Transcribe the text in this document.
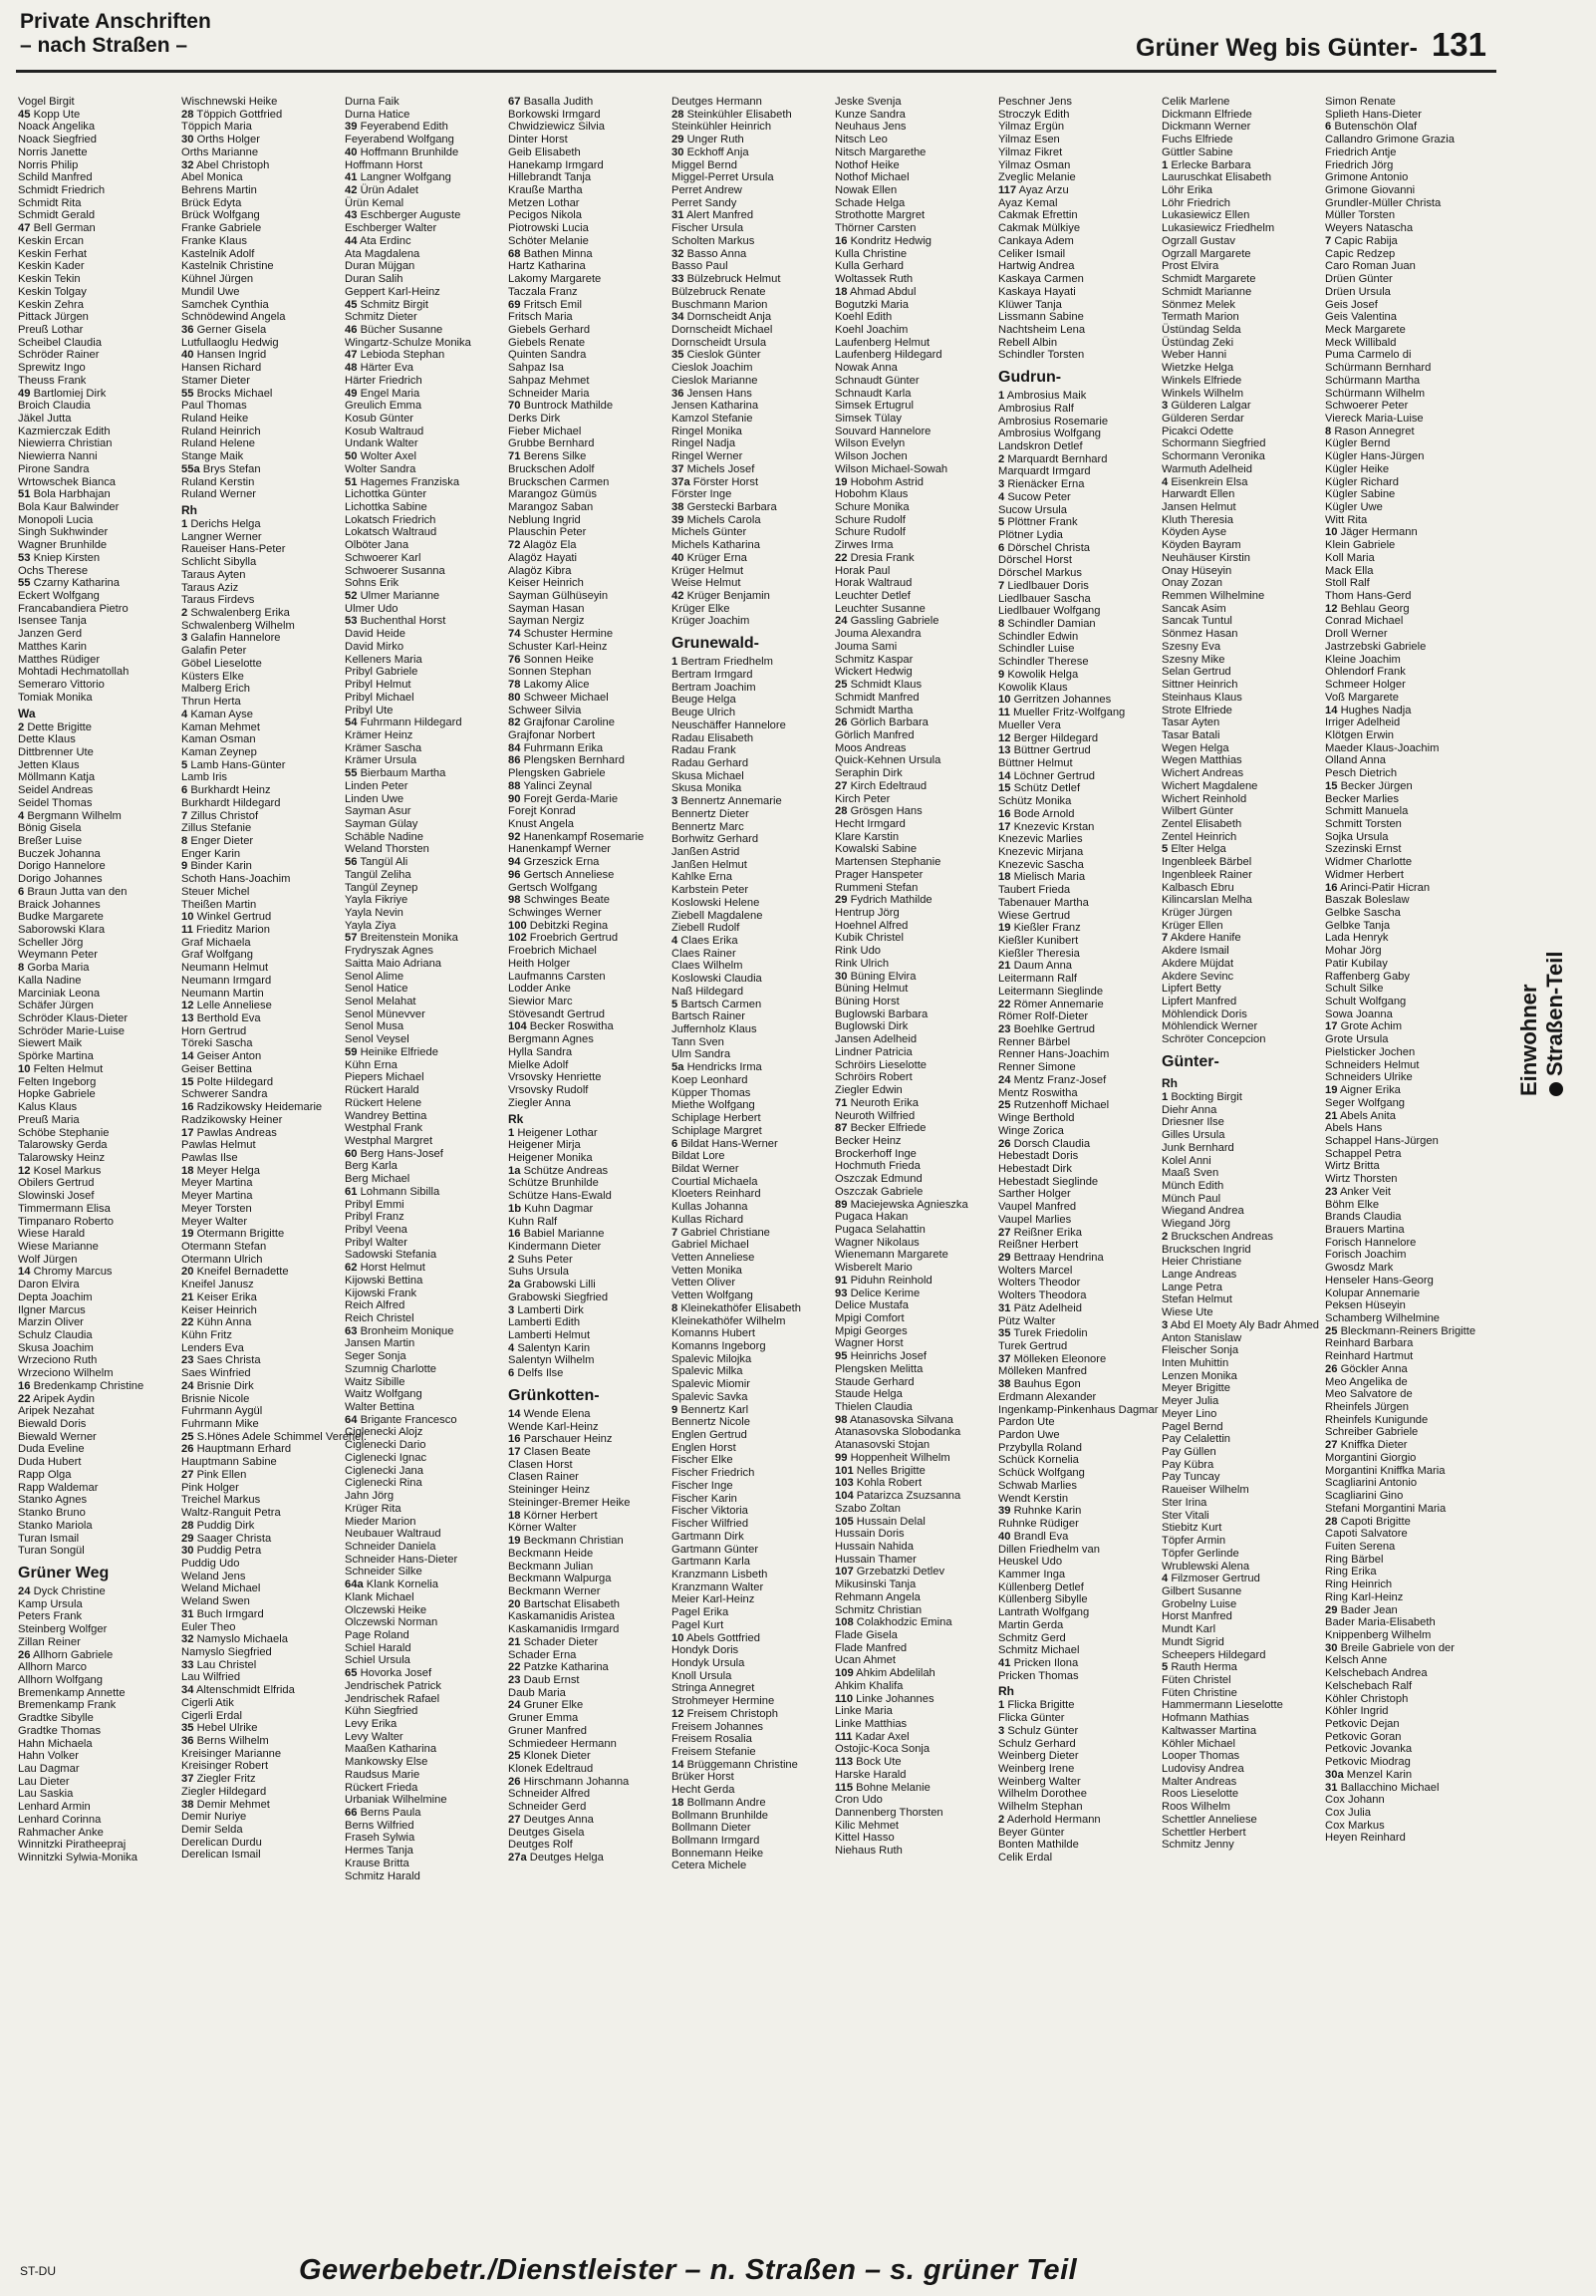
Private Anschriften
– nach Straßen –	Grüner Weg bis Günter- 131
Vogel Birgit
45 Kopp Ute
Noack Angelika
Noack Siegfried
Norris Janette
Norris Philip
Schild Manfred
Schmidt Friedrich
Schmidt Rita
Schmidt Gerald
47 Bell German
Keskin Ercan
Keskin Ferhat
Keskin Kader
Keskin Tekin
Keskin Tolgay
Keskin Zehra
Pittack Jürgen
Preuß Lothar
Scheibel Claudia
Schröder Rainer
Sprewitz Ingo
Theuss Frank
49 Bartlomiej Dirk
Broich Claudia
Jäkel Jutta
Kazmierczak Edith
Niewierra Christian
Niewierra Nanni
Pirone Sandra
Wrtowschek Bianca
51 Bola Harbhajan
Bola Kaur Balwinder
Monopoli Lucia
Singh Sukhwinder
Wagner Brunhilde
53 Kniep Kirsten
Ochs Therese
55 Czarny Katharina
Eckert Wolfgang
Francabandiera Pietro
Isensee Tanja
Janzen Gerd
Matthes Karin
Matthes Rüdiger
Mohtadi Hechmatollah
Semeraro Vittorio
Tomiak Monika
Wa
2 Dette Brigitte
Dette Klaus
Dittbrenner Ute
Jetten Klaus
Möllmann Katja
Seidel Andreas
Seidel Thomas
4 Bergmann Wilhelm
Bönig Gisela
Breßer Luise
Buczek Johanna
Dorigo Hannelore
Dorigo Johannes
6 Braun Jutta van den
Braick Johannes
Budke Margarete
Saborowski Klara
Scheller Jörg
Weymann Peter
8 Gorba Maria
Kalla Nadine
Marciniak Leona
Schäfer Jürgen
Schröder Klaus-Dieter
Schröder Marie-Luise
Siewert Maik
Spörke Martina
10 Felten Helmut
Felten Ingeborg
Hopke Gabriele
Kalus Klaus
Preuß Maria
Schöbe Stephanie
Talarowsky Gerda
Talarowsky Heinz
12 Kosel Markus
Obilers Gertrud
Slowinski Josef
Timmermann Elisa
Timpanaro Roberto
Wiese Harald
Wiese Marianne
Wolf Jürgen
14 Chromy Marcus
Daron Elvira
Depta Joachim
Ilgner Marcus
Marzin Oliver
Schulz Claudia
Skusa Joachim
Wrzeciono Ruth
Wrzeciono Wilhelm
16 Bredenkamp Christine
22 Aripek Aydin
Aripek Nezahat
Biewald Doris
Biewald Werner
Duda Eveline
Duda Hubert
Rapp Olga
Rapp Waldemar
Stanko Agnes
Stanko Bruno
Stanko Mariola
Turan Ismail
Turan Songül
Grüner Weg
24 Dyck Christine
Kamp Ursula
Peters Frank
Steinberg Wolfger
Zillan Reiner
26 Allhorn Gabriele
Allhorn Marco
Allhorn Wolfgang
Bremenkamp Annette
Bremenkamp Frank
Gradtke Sibylle
Gradtke Thomas
Hahn Michaela
Hahn Volker
Lau Dagmar
Lau Dieter
Lau Saskia
Lenhard Armin
Lenhard Corinna
Rahmacher Anke
Winnitzki Piratheepraj
Winnitzki Sylwia-Monika
Wischnewski Heike
28 Töppich Gottfried
Töppich Maria
30 Orths Holger
Orths Marianne
32 Abel Christoph
Abel Monica
Behrens Martin
Brück Edyta
Brück Wolfgang
Franke Gabriele
Franke Klaus
Kastelnik Adolf
Kastelnik Christine
Kühnel Jürgen
Mundil Uwe
Samchek Cynthia
Schnödewind Angela
36 Gerner Gisela
Lutfullaoglu Hedwig
40 Hansen Ingrid
Hansen Richard
Stamer Dieter
55 Brocks Michael
Paul Thomas
Ruland Heike
Ruland Heinrich
Ruland Helene
Stange Maik
55a Brys Stefan
Ruland Kerstin
Ruland Werner
Rh
1 Derichs Helga
Langner Werner
Raueiser Hans-Peter
Schlicht Sibylla
Taraus Ayten
Taraus Aziz
Taraus Firdevs
2 Schwalenberg Erika
Schwalenberg Wilhelm
3 Galafin Hannelore
Galafin Peter
Göbel Lieselotte
Küsters Elke
Malberg Erich
Thrun Herta
4 Kaman Ayse
Kaman Mehmet
Kaman Osman
Kaman Zeynep
5 Lamb Hans-Günter
Lamb Iris
6 Burkhardt Heinz
Burkhardt Hildegard
7 Zillus Christof
Zillus Stefanie
8 Enger Dieter
Enger Karin
9 Binder Karin
Schoth Hans-Joachim
Steuer Michel
Theißen Martin
10 Winkel Gertrud
11 Frieditz Marion
Graf Michaela
Graf Wolfgang
Neumann Helmut
Neumann Irmgard
Neumann Martin
12 Lelle Anneliese
13 Berthold Eva
Horn Gertrud
Töreki Sascha
14 Geiser Anton
Geiser Bettina
15 Polte Hildegard
Schwerer Sandra
16 Radzikowsky Heidemarie
Radzikowsky Heiner
17 Pawlas Andreas
Pawlas Helmut
Pawlas Ilse
18 Meyer Helga
Meyer Martina
Meyer Martina
Meyer Torsten
Meyer Walter
19 Otermann Brigitte
Otermann Stefan
Otermann Ulrich
20 Kneifel Bernadette
Kneifel Janusz
21 Keiser Erika
Keiser Heinrich
22 Kühn Anna
Kühn Fritz
Lenders Eva
23 Saes Christa
Saes Winfried
24 Brisnie Dirk
Brisnie Nicole
Fuhrmann Aygül
Fuhrmann Mike
25 S.Hönes Adele Schimmel Verehel.
26 Hauptmann Erhard
Hauptmann Sabine
27 Pink Ellen
Pink Holger
Treichel Markus
Waltz-Ranguit Petra
28 Puddig Dirk
29 Saager Christa
30 Puddig Petra
Puddig Udo
Weland Jens
Weland Michael
Weland Swen
31 Buch Irmgard
Euler Theo
32 Namyslo Michaela
Namyslo Siegfried
33 Lau Christel
Lau Wilfried
34 Altenschmidt Elfrida
Cigerli Atik
Cigerli Erdal
35 Hebel Ulrike
36 Berns Wilhelm
Kreisinger Marianne
Kreisinger Robert
37 Ziegler Fritz
Ziegler Hildegard
38 Demir Mehmet
Demir Nuriye
Demir Selda
Derelican Durdu
Derelican Ismail
Durna Faik
Durna Hatice
39 Feyerabend Edith
Feyerabend Wolfgang
40 Hoffmann Brunhilde
Hoffmann Horst
41 Langner Wolfgang
42 Ürün Adalet
Ürün Kemal
43 Eschberger Auguste
Eschberger Walter
44 Ata Erdinc
Ata Magdalena
Duran Müjgan
Duran Salih
Geppert Karl-Heinz
45 Schmitz Birgit
Schmitz Dieter
46 Bücher Susanne
Wingartz-Schulze Monika
47 Lebioda Stephan
48 Härter Eva
Härter Friedrich
49 Engel Maria
Greulich Emma
Kosub Günter
Kosub Waltraud
Undank Walter
50 Wolter Axel
Wolter Sandra
51 Hagemes Franziska
Lichottka Günter
Lichottka Sabine
Lokatsch Friedrich
Lokatsch Waltraud
Olböter Jana
Schwoerer Karl
Schwoerer Susanna
Sohns Erik
52 Ulmer Marianne
Ulmer Udo
53 Buchenthal Horst
David Heide
David Mirko
Kelleners Maria
Pribyl Gabriele
Pribyl Helmut
Pribyl Michael
Pribyl Ute
54 Fuhrmann Hildegard
Krämer Heinz
Krämer Sascha
Krämer Ursula
55 Bierbaum Martha
Linden Peter
Linden Uwe
Sayman Asur
Sayman Gülay
Schäble Nadine
Weland Thorsten
56 Tangül Ali
Tangül Zeliha
Tangül Zeynep
Yayla Fikriye
Yayla Nevin
Yayla Ziya
57 Breitenstein Monika
Frydryszak Agnes
Saitta Maio Adriana
Senol Alime
Senol Hatice
Senol Melahat
Senol Münevver
Senol Musa
Senol Veysel
59 Heinike Elfriede
Kühn Erna
Piepers Michael
Rückert Harald
Rückert Helene
Wandrey Bettina
Westphal Frank
Westphal Margret
60 Berg Hans-Josef
Berg Karla
Berg Michael
61 Lohmann Sibilla
Pribyl Emmi
Pribyl Franz
Pribyl Veena
Pribyl Walter
Sadowski Stefania
62 Horst Helmut
Kijowski Bettina
Kijowski Frank
Reich Alfred
Reich Christel
63 Bronheim Monique
Jansen Martin
Seger Sonja
Szumnig Charlotte
Waitz Sibille
Waitz Wolfgang
Walter Bettina
64 Brigante Francesco
Ciglenecki Alojz
Ciglenecki Dario
Ciglenecki Ignac
Ciglenecki Jana
Ciglenecki Rina
Jahn Jörg
Krüger Rita
Mieder Marion
Neubauer Waltraud
Schneider Daniela
Schneider Hans-Dieter
Schneider Silke
64a Klank Kornelia
Klank Michael
Olczewski Heike
Olczewski Norman
Page Roland
Schiel Harald
Schiel Ursula
65 Hovorka Josef
Jendrischek Patrick
Jendrischek Rafael
Kühn Siegfried
Levy Erika
Levy Walter
Maaßen Katharina
Mankowsky Else
Raudsus Marie
Rückert Frieda
Urbaniak Wilhelmine
66 Berns Paula
Berns Wilfried
Fraseh Sylwia
Hermes Tanja
Krause Britta
Schmitz Harald
67 Basalla Judith
Borkowski Irmgard
Chwidziewicz Silvia
Dinter Horst
Geib Elisabeth
Hanekamp Irmgard
Hillebrandt Tanja
Krauße Martha
Metzen Lothar
Pecigos Nikola
Piotrowski Lucia
Schöter Melanie
68 Bathen Minna
Hartz Katharina
Lakomy Margarete
Taczala Franz
69 Fritsch Emil
Fritsch Maria
Giebels Gerhard
Giebels Renate
Quinten Sandra
Sahpaz Isa
Sahpaz Mehmet
Schneider Maria
70 Buntrock Mathilde
Derks Dirk
Fieber Michael
Grubbe Bernhard
71 Berens Silke
Bruckschen Adolf
Bruckschen Carmen
Marangoz Gümüs
Marangoz Saban
Neblung Ingrid
Plauschin Peter
72 Alagöz Ela
Alagöz Hayati
Alagöz Kibra
Keiser Heinrich
Sayman Gülhüseyin
Sayman Hasan
Sayman Nergiz
74 Schuster Hermine
Schuster Karl-Heinz
76 Sonnen Heike
Sonnen Stephan
78 Lakomy Alice
80 Schweer Michael
Schweer Silvia
82 Grajfonar Caroline
Grajfonar Norbert
84 Fuhrmann Erika
86 Plengsken Bernhard
Plengsken Gabriele
88 Yalinci Zeynal
90 Forejt Gerda-Marie
Forejt Konrad
Knust Angela
92 Hanenkampf Rosemarie
Hanenkampf Werner
94 Grzeszick Erna
96 Gertsch Anneliese
Gertsch Wolfgang
98 Schwinges Beate
Schwinges Werner
100 Debitzki Regina
102 Froebrich Gertrud
Froebrich Michael
Heith Holger
Laufmanns Carsten
Lodder Anke
Siewior Marc
Stövesandt Gertrud
104 Becker Roswitha
Bergmann Agnes
Hylla Sandra
Mielke Adolf
Vrsovsky Henriette
Vrsovsky Rudolf
Ziegler Anna
Rk
1 Heigener Lothar
Heigener Mirja
Heigener Monika
1a Schütze Andreas
Schütze Brunhilde
Schütze Hans-Ewald
1b Kuhn Dagmar
Kuhn Ralf
16 Babiel Marianne
Kindermann Dieter
2 Suhs Peter
Suhs Ursula
2a Grabowski Lilli
Grabowski Siegfried
3 Lamberti Dirk
Lamberti Edith
Lamberti Helmut
4 Salentyn Karin
Salentyn Wilhelm
6 Delfs Ilse
Grünkotten-
14 Wende Elena
Wende Karl-Heinz
16 Parschauer Heinz
17 Clasen Beate
Clasen Horst
Clasen Rainer
Steininger Heinz
Steininger-Bremer Heike
18 Körner Herbert
Körner Walter
19 Beckmann Christian
Beckmann Heide
Beckmann Julian
Beckmann Walpurga
Beckmann Werner
20 Bartschat Elisabeth
Kaskamanidis Aristea
Kaskamanidis Irmgard
21 Schader Dieter
Schader Erna
22 Patzke Katharina
23 Daub Ernst
Daub Maria
24 Gruner Elke
Gruner Emma
Gruner Manfred
Schmiedeer Hermann
25 Klonek Dieter
Klonek Edeltraud
26 Hirschmann Johanna
Schneider Alfred
Schneider Gerd
27 Deutges Anna
Deutges Gisela
Deutges Rolf
27a Deutges Helga
Deutges Hermann
28 Steinkühler Elisabeth
Steinkühler Heinrich
29 Unger Ruth
30 Eckhoff Anja
Miggel Bernd
Miggel-Perret Ursula
Perret Andrew
Perret Sandy
31 Alert Manfred
Fischer Ursula
Scholten Markus
32 Basso Anna
Basso Paul
33 Bülzebruck Helmut
Bülzebruck Renate
Buschmann Marion
34 Dornscheidt Anja
Dornscheidt Michael
Dornscheidt Ursula
35 Cieslok Günter
Cieslok Joachim
Cieslok Marianne
36 Jensen Hans
Jensen Katharina
Kamzol Stefanie
Ringel Monika
Ringel Nadja
Ringel Werner
37 Michels Josef
37a Förster Horst
Förster Inge
38 Gerstecki Barbara
39 Michels Carola
Michels Günter
Michels Katharina
40 Krüger Erna
Krüger Helmut
Weise Helmut
42 Krüger Benjamin
Krüger Elke
Krüger Joachim
Grunewald-
1 Bertram Friedhelm
Bertram Irmgard
Bertram Joachim
Beuge Helga
Beuge Ulrich
Neuschäffer Hannelore
Radau Elisabeth
Radau Frank
Radau Gerhard
Skusa Michael
Skusa Monika
3 Bennertz Annemarie
Bennertz Dieter
Bennertz Marc
Borhwitz Gerhard
Janßen Astrid
Janßen Helmut
Kahlke Erna
Karbstein Peter
Koslowski Helene
Ziebell Magdalene
Ziebell Rudolf
4 Claes Erika
Claes Rainer
Claes Wilhelm
Koslowski Claudia
Naß Hildegard
5 Bartsch Carmen
Bartsch Rainer
Juffernholz Klaus
Tann Sven
Ulm Sandra
5a Hendricks Irma
Koep Leonhard
Küpper Thomas
Miethe Wolfgang
Schiplage Herbert
Schiplage Margret
6 Bildat Hans-Werner
Bildat Lore
Bildat Werner
Courtial Michaela
Kloeters Reinhard
Kullas Johanna
Kullas Richard
7 Gabriel Christiane
Gabriel Michael
Vetten Anneliese
Vetten Monika
Vetten Oliver
Vetten Wolfgang
8 Kleinekathöfer Elisabeth
Kleinekathöfer Wilhelm
Komanns Hubert
Komanns Ingeborg
Spalevic Milojka
Spalevic Milka
Spalevic Miomir
Spalevic Savka
9 Bennertz Karl
Bennertz Nicole
Englen Gertrud
Englen Horst
Fischer Elke
Fischer Friedrich
Fischer Inge
Fischer Karin
Fischer Viktoria
Fischer Wilfried
Gartmann Dirk
Gartmann Günter
Gartmann Karla
Kranzmann Lisbeth
Kranzmann Walter
Meier Karl-Heinz
Pagel Erika
Pagel Kurt
10 Abels Gottfried
Hondyk Doris
Hondyk Ursula
Knoll Ursula
Stringa Annegret
Strohmeyer Hermine
12 Freisem Christoph
Freisem Johannes
Freisem Rosalia
Freisem Stefanie
14 Brüggemann Christine
Brüker Horst
Hecht Gerda
18 Bollmann Andre
Bollmann Brunhilde
Bollmann Dieter
Bollmann Irmgard
Bonnemann Heike
Cetera Michele
Jeske Svenja
Kunze Sandra
Neuhaus Jens
Nitsch Leo
Nitsch Margarethe
Nothof Heike
Nothof Michael
Nowak Ellen
Schade Helga
Strothotte Margret
Thörner Carsten
16 Kondritz Hedwig
Kulla Christine
Kulla Gerhard
Woltassek Ruth
18 Ahmad Abdul
Bogutzki Maria
Koehl Edith
Koehl Joachim
Laufenberg Helmut
Laufenberg Hildegard
Nowak Anna
Schnaudt Günter
Schnaudt Karla
Simsek Ertugrul
Simsek Tülay
Souvard Hannelore
Wilson Evelyn
Wilson Jochen
Wilson Michael-Sowah
19 Hobohm Astrid
Hobohm Klaus
Schure Monika
Schure Rudolf
Schure Rudolf
Zirwes Irma
22 Dresia Frank
Horak Paul
Horak Waltraud
Leuchter Detlef
Leuchter Susanne
24 Gassling Gabriele
Jouma Alexandra
Jouma Sami
Schmitz Kaspar
Wickert Hedwig
25 Schmidt Klaus
Schmidt Manfred
Schmidt Martha
26 Görlich Barbara
Görlich Manfred
Moos Andreas
Quick-Kehnen Ursula
Seraphin Dirk
27 Kirch Edeltraud
Kirch Peter
28 Grösgen Hans
Hecht Irmgard
Klare Karstin
Kowalski Sabine
Martensen Stephanie
Prager Hanspeter
Rummeni Stefan
29 Fydrich Mathilde
Hentrup Jörg
Hoehnel Alfred
Kubik Christel
Rink Udo
Rink Ulrich
30 Büning Elvira
Büning Helmut
Büning Horst
Buglowski Barbara
Buglowski Dirk
Jansen Adelheid
Lindner Patricia
Schröirs Lieselotte
Schröirs Robert
Ziegler Edwin
71 Neuroth Erika
Neuroth Wilfried
87 Becker Elfriede
Becker Heinz
Brockerhoff Inge
Hochmuth Frieda
Oszczak Edmund
Oszczak Gabriele
89 Maciejewska Agnieszka
Pugaca Hakan
Pugaca Selahattin
Wagner Nikolaus
Wienemann Margarete
Wisberelt Mario
91 Piduhn Reinhold
93 Delice Kerime
Delice Mustafa
Mpigi Comfort
Mpigi Georges
Wagner Horst
95 Heinrichs Josef
Plengsken Melitta
Staude Gerhard
Staude Helga
Thielen Claudia
98 Atanasovska Silvana
Atanasovska Slobodanka
Atanasovski Stojan
99 Hoppenheit Wilhelm
101 Nelles Brigitte
103 Kohla Robert
104 Patarizca Zsuzsanna
Szabo Zoltan
105 Hussain Delal
Hussain Doris
Hussain Nahida
Hussain Thamer
107 Grzebatzki Detlev
Mikusinski Tanja
Rehmann Angela
Schmitz Christian
108 Colakhodzic Emina
Flade Gisela
Flade Manfred
Ucan Ahmet
109 Ahkim Abdelilah
Ahkim Khalifa
110 Linke Johannes
Linke Maria
Linke Matthias
111 Kadar Axel
Ostojic-Koca Sonja
113 Bock Ute
Harske Harald
115 Bohne Melanie
Cron Udo
Dannenberg Thorsten
Kilic Mehmet
Kittel Hasso
Niehaus Ruth
Peschner Jens
Stroczyk Edith
Yilmaz Ergün
Yilmaz Esen
Yilmaz Fikret
Yilmaz Osman
Zveglic Melanie
117 Ayaz Arzu
Ayaz Kemal
Cakmak Efrettin
Cakmak Mülkiye
Cankaya Adem
Celiker Ismail
Hartwig Andrea
Kaskaya Carmen
Kaskaya Hayati
Klüwer Tanja
Lissmann Sabine
Nachtsheim Lena
Rebell Albin
Schindler Torsten
Gudrun-
1 Ambrosius Maik
Ambrosius Ralf
Ambrosius Rosemarie
Ambrosius Wolfgang
Landskron Detlef
2 Marquardt Bernhard
Marquardt Irmgard
3 Rienäcker Erna
4 Sucow Peter
Sucow Ursula
5 Plöttner Frank
Plötner Lydia
6 Dörschel Christa
Dörschel Horst
Dörschel Markus
7 Liedlbauer Doris
Liedlbauer Sascha
Liedlbauer Wolfgang
8 Schindler Damian
Schindler Edwin
Schindler Luise
Schindler Therese
9 Kowolik Helga
Kowolik Klaus
10 Gerritzen Johannes
11 Mueller Fritz-Wolfgang
Mueller Vera
12 Berger Hildegard
13 Büttner Gertrud
Büttner Helmut
14 Löchner Gertrud
15 Schütz Detlef
Schütz Monika
16 Bode Arnold
17 Knezevic Krstan
Knezevic Marlies
Knezevic Mirjana
Knezevic Sascha
18 Mielisch Maria
Taubert Frieda
Tabenauer Martha
Wiese Gertrud
19 Kießler Franz
Kießler Kunibert
Kießler Theresia
21 Daum Anna
Leitermann Ralf
Leitermann Sieglinde
22 Römer Annemarie
Römer Rolf-Dieter
23 Boehlke Gertrud
Renner Bärbel
Renner Hans-Joachim
Renner Simone
24 Mentz Franz-Josef
Mentz Roswitha
25 Rutzenhoff Michael
Winge Berthold
Winge Zorica
26 Dorsch Claudia
Hebestadt Doris
Hebestadt Dirk
Hebestadt Sieglinde
Sarther Holger
Vaupel Manfred
Vaupel Marlies
27 Reißner Erika
Reißner Herbert
29 Bettraay Hendrina
Wolters Marcel
Wolters Theodor
Wolters Theodora
31 Pätz Adelheid
Pütz Walter
35 Turek Friedolin
Turek Gertrud
37 Mölleken Eleonore
Mölleken Manfred
38 Bauhus Egon
Erdmann Alexander
Ingenkamp-Pinkenhaus Dagmar
Pardon Ute
Pardon Uwe
Przybylla Roland
Schück Kornelia
Schück Wolfgang
Schwab Marlies
Wendt Kerstin
39 Ruhnke Karin
Ruhnke Rüdiger
40 Brandl Eva
Dillen Friedhelm van
Heuskel Udo
Kammer Inga
Küllenberg Detlef
Küllenberg Sibylle
Lantrath Wolfgang
Martin Gerda
Schmitz Gerd
Schmitz Michael
41 Pricken Ilona
Pricken Thomas
Rh
1 Flicka Brigitte
Flicka Günter
3 Schulz Günter
Schulz Gerhard
Weinberg Dieter
Weinberg Irene
Weinberg Walter
Wilhelm Dorothee
Wilhelm Stephan
2 Aderhold Hermann
Beyer Günter
Bonten Mathilde
Celik Erdal
Celik Marlene
Dickmann Elfriede
Dickmann Werner
Fuchs Elfriede
Güttler Sabine
1 Erlecke Barbara
Lauruschkat Elisabeth
Löhr Erika
Löhr Friedrich
Lukasiewicz Ellen
Lukasiewicz Friedhelm
Ogrzall Gustav
Ogrzall Margarete
Prost Elvira
Schmidt Margarete
Schmidt Marianne
Sönmez Melek
Termath Marion
Üstündag Selda
Üstündag Zeki
Weber Hanni
Wietzke Helga
Winkels Elfriede
Winkels Wilhelm
3 Gülderen Lalgar
Gülderen Serdar
Picakci Odette
Schormann Siegfried
Schormann Veronika
Warmuth Adelheid
4 Eisenkrein Elsa
Harwardt Ellen
Jansen Helmut
Kluth Theresia
Köyden Ayse
Köyden Bayram
Neuhäuser Kirstin
Onay Hüseyin
Onay Zozan
Remmen Wilhelmine
Sancak Asim
Sancak Tuntul
Sönmez Hasan
Szesny Eva
Szesny Mike
Selan Gertrud
Sittner Heinrich
Steinhaus Klaus
Strote Elfriede
Tasar Ayten
Tasar Batali
Wegen Helga
Wegen Matthias
Wichert Andreas
Wichert Magdalene
Wichert Reinhold
Wilbert Günter
Zentel Elisabeth
Zentel Heinrich
5 Elter Helga
Ingenbleek Bärbel
Ingenbleek Rainer
Kalbasch Ebru
Kilincarslan Melha
Krüger Jürgen
Krüger Ellen
7 Akdere Hanife
Akdere Ismail
Akdere Müjdat
Akdere Sevinc
Lipfert Betty
Lipfert Manfred
Möhlendick Doris
Möhlendick Werner
Schröter Concepcion
Günter-
Rh
1 Bockting Birgit
Diehr Anna
Driesner Ilse
Gilles Ursula
Junk Bernhard
Kolel Anni
Maaß Sven
Münch Edith
Münch Paul
Wiegand Andrea
Wiegand Jörg
2 Bruckschen Andreas
Bruckschen Ingrid
Heier Christiane
Lange Andreas
Lange Petra
Stefan Helmut
Wiese Ute
3 Abd El Moety Aly Badr Ahmed
Anton Stanislaw
Fleischer Sonja
Inten Muhittin
Lenzen Monika
Meyer Brigitte
Meyer Julia
Meyer Lino
Pagel Bernd
Pay Celalettin
Pay Güllen
Pay Kübra
Pay Tuncay
Raueiser Wilhelm
Ster Irina
Ster Vitali
Stiebitz Kurt
Töpfer Armin
Töpfer Gerlinde
Wrublewski Alena
4 Filzmoser Gertrud
Gilbert Susanne
Grobelny Luise
Horst Manfred
Mundt Karl
Mundt Sigrid
Scheepers Hildegard
5 Rauth Herma
Füten Christel
Füten Christine
Hammermann Lieselotte
Hofmann Mathias
Kaltwasser Martina
Köhler Michael
Looper Thomas
Ludovisy Andrea
Malter Andreas
Roos Lieselotte
Roos Wilhelm
Schettler Anneliese
Schettler Herbert
Schmitz Jenny
Simon Renate
Splieth Hans-Dieter
6 Butenschön Olaf
Callandro Grimone Grazia
Friedrich Antje
Friedrich Jörg
Grimone Antonio
Grimone Giovanni
Grundler-Müller Christa
Müller Torsten
Weyers Natascha
7 Capic Rabija
Capic Redzep
Caro Roman Juan
Drüen Günter
Drüen Ursula
Geis Josef
Geis Valentina
Meck Margarete
Meck Willibald
Puma Carmelo di
Schürmann Bernhard
Schürmann Martha
Schürmann Wilhelm
Schwoerer Peter
Viereck Maria-Luise
8 Rason Annegret
Kügler Bernd
Kügler Hans-Jürgen
Kügler Heike
Kügler Richard
Kügler Sabine
Kügler Uwe
Witt Rita
10 Jäger Hermann
Klein Gabriele
Koll Maria
Mack Ella
Stoll Ralf
Thom Hans-Gerd
12 Behlau Georg
Conrad Michael
Droll Werner
Jastrzebski Gabriele
Kleine Joachim
Ohlendorf Frank
Schmeer Holger
Voß Margarete
14 Hughes Nadja
Irriger Adelheid
Klötgen Erwin
Maeder Klaus-Joachim
Olland Anna
Pesch Dietrich
15 Becker Jürgen
Becker Marlies
Schmitt Manuela
Schmitt Torsten
Sojka Ursula
Szezinski Ernst
Widmer Charlotte
Widmer Herbert
16 Arinci-Patir Hicran
Baszak Boleslaw
Gelbke Sascha
Gelbke Tanja
Lada Henryk
Mohar Jörg
Patir Kubilay
Raffenberg Gaby
Schult Silke
Schult Wolfgang
Sowa Joanna
17 Grote Achim
Grote Ursula
Pielsticker Jochen
Schneiders Helmut
Schneiders Ulrike
19 Aigner Erika
Seger Wolfgang
21 Abels Anita
Abels Hans
Schappel Hans-Jürgen
Schappel Petra
Wirtz Britta
Wirtz Thorsten
23 Anker Veit
Böhm Elke
Brands Claudia
Brauers Martina
Forisch Hannelore
Forisch Joachim
Gwosdz Mark
Henseler Hans-Georg
Kolupar Annemarie
Peksen Hüseyin
Schamberg Wilhelmine
25 Bleckmann-Reiners Brigitte
Reinhard Barbara
Reinhard Hartmut
26 Göckler Anna
Meo Angelika de
Meo Salvatore de
Rheinfels Jürgen
Rheinfels Kunigunde
Schreiber Gabriele
27 Kniffka Dieter
Morgantini Giorgio
Morgantini Kniffka Maria
Scagliarini Antonio
Scagliarini Gino
Stefani Morgantini Maria
28 Capoti Brigitte
Capoti Salvatore
Fuiten Serena
Ring Bärbel
Ring Erika
Ring Heinrich
Ring Karl-Heinz
29 Bader Jean
Bader Maria-Elisabeth
Knippenberg Wilhelm
30 Breile Gabriele von der
Kelsch Anne
Kelschebach Andrea
Kelschebach Ralf
Köhler Christoph
Köhler Ingrid
Petkovic Dejan
Petkovic Goran
Petkovic Jovanka
Petkovic Miodrag
30a Menzel Karin
31 Ballacchino Michael
Cox Johann
Cox Julia
Cox Markus
Heyen Reinhard
Einwohner Straßen-Teil
ST-DU	Gewerbebetr./Dienstleister – n. Straßen – s. grüner Teil
